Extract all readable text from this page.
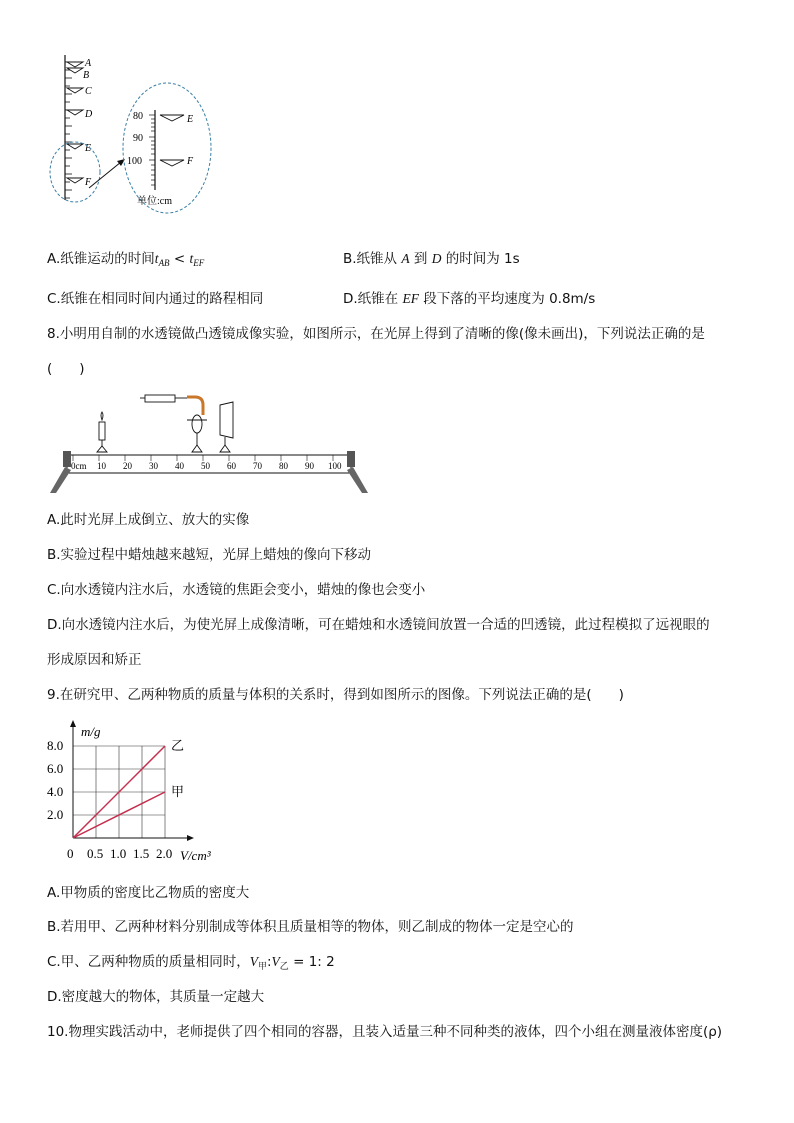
A
B
C
D
E
F
80
90
100
E
F
单位:cm
A.纸锥运动的时间$t_{AB} < t_{EF}$	B.纸锥从 A 到 D 的时间为 1s
C.纸锥在相同时间内通过的路程相同	D.纸锥在 EF 段下落的平均速度为 0.8m/s
8.小明用自制的水透镜做凸透镜成像实验，如图所示，在光屏上得到了清晰的像(像未画出)，下列说法正确的是
(　　)
0cm 10 20 30 40 50 60 70 80 90 100
A.此时光屏上成倒立、放大的实像
B.实验过程中蜡烛越来越短，光屏上蜡烛的像向下移动
C.向水透镜内注水后，水透镜的焦距会变小，蜡烛的像也会变小
D.向水透镜内注水后，为使光屏上成像清晰，可在蜡烛和水透镜间放置一合适的凹透镜，此过程模拟了远视眼的
形成原因和矫正
9.在研究甲、乙两种物质的质量与体积的关系时，得到如图所示的图像。下列说法正确的是(　　)
乙
甲
0.5 1.0 1.5 2.0
2.0
4.0
6.0
8.0
m/g
V/cm³
0
A.甲物质的密度比乙物质的密度大
B.若用甲、乙两种材料分别制成等体积且质量相等的物体，则乙制成的物体一定是空心的
C.甲、乙两种物质的质量相同时，$V_甲:V_乙 = 1$: 2
D.密度越大的物体，其质量一定越大
10.物理实践活动中，老师提供了四个相同的容器，且装入适量三种不同种类的液体，四个小组在测量液体密度(ρ)
